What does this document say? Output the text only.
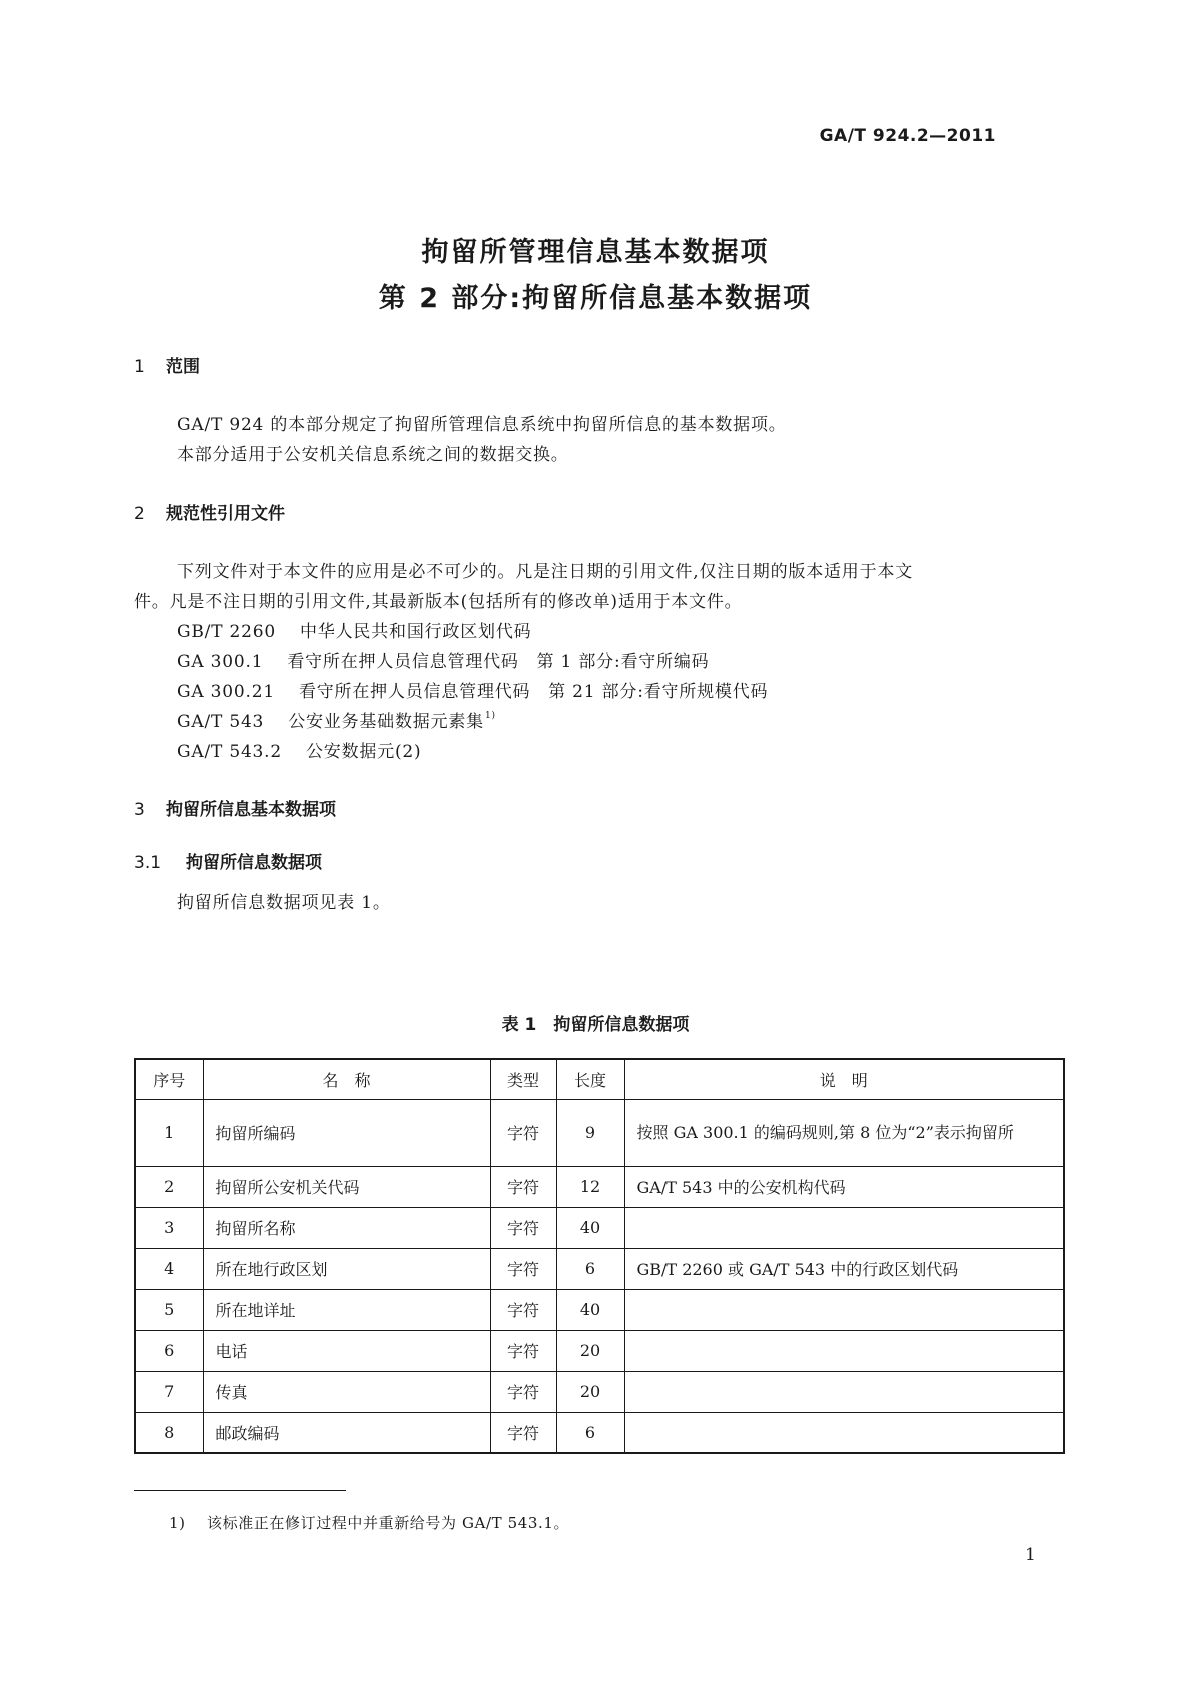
GA/T 924.2—2011
拘留所管理信息基本数据项
第 2 部分:拘留所信息基本数据项
1 范围
GA/T 924 的本部分规定了拘留所管理信息系统中拘留所信息的基本数据项。
本部分适用于公安机关信息系统之间的数据交换。
2 规范性引用文件
下列文件对于本文件的应用是必不可少的。凡是注日期的引用文件,仅注日期的版本适用于本文
件。凡是不注日期的引用文件,其最新版本(包括所有的修改单)适用于本文件。
GB/T 2260 中华人民共和国行政区划代码
GA 300.1 看守所在押人员信息管理代码　第 1 部分:看守所编码
GA 300.21 看守所在押人员信息管理代码　第 21 部分:看守所规模代码
GA/T 543 公安业务基础数据元素集$^{1)}$
GA/T 543.2 公安数据元(2)
3 拘留所信息基本数据项
3.1 拘留所信息数据项
拘留所信息数据项见表 1。
表 1　拘留所信息数据项
序号	名　称	类型	长度	说　明
1	拘留所编码	字符	9	按照 GA 300.1 的编码规则,第 8 位为“2”表示拘留所
2	拘留所公安机关代码	字符	12	GA/T 543 中的公安机构代码
3	拘留所名称	字符	40	
4	所在地行政区划	字符	6	GB/T 2260 或 GA/T 543 中的行政区划代码
5	所在地详址	字符	40	
6	电话	字符	20	
7	传真	字符	20	
8	邮政编码	字符	6	
1) 该标准正在修订过程中并重新给号为 GA/T 543.1。
1
